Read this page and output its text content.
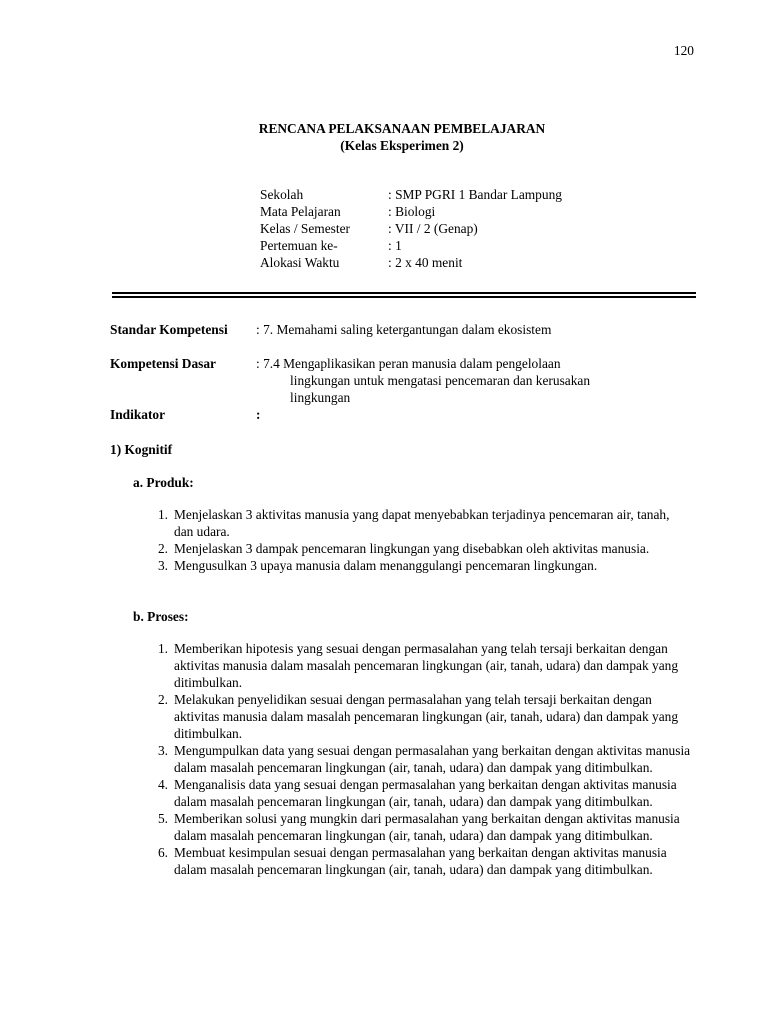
120
RENCANA PELAKSANAAN PEMBELAJARAN
(Kelas Eksperimen 2)
Sekolah	: SMP PGRI 1 Bandar Lampung
Mata Pelajaran	: Biologi
Kelas / Semester	: VII / 2 (Genap)
Pertemuan ke-	: 1
Alokasi Waktu	: 2 x 40 menit
Standar Kompetensi	: 7. Memahami saling ketergantungan dalam ekosistem
Kompetensi Dasar	: 7.4 Mengaplikasikan peran manusia dalam pengelolaan
lingkungan untuk mengatasi pencemaran dan kerusakan
lingkungan
Indikator	:
1) Kognitif
a. Produk:
1. Menjelaskan 3 aktivitas manusia yang dapat menyebabkan terjadinya pencemaran air, tanah, dan udara.
2. Menjelaskan 3 dampak pencemaran lingkungan yang disebabkan oleh aktivitas manusia.
3. Mengusulkan 3 upaya manusia dalam menanggulangi pencemaran lingkungan.
b. Proses:
1. Memberikan hipotesis yang sesuai dengan permasalahan yang telah tersaji berkaitan dengan aktivitas manusia dalam masalah pencemaran lingkungan (air, tanah, udara) dan dampak yang ditimbulkan.
2. Melakukan penyelidikan sesuai dengan permasalahan yang telah tersaji berkaitan dengan aktivitas manusia dalam masalah pencemaran lingkungan (air, tanah, udara) dan dampak yang ditimbulkan.
3. Mengumpulkan data yang sesuai dengan permasalahan yang berkaitan dengan aktivitas manusia dalam masalah pencemaran lingkungan (air, tanah, udara) dan dampak yang ditimbulkan.
4. Menganalisis data yang sesuai dengan permasalahan yang berkaitan dengan aktivitas manusia dalam masalah pencemaran lingkungan (air, tanah, udara) dan dampak yang ditimbulkan.
5. Memberikan solusi yang mungkin dari permasalahan yang berkaitan dengan aktivitas manusia dalam masalah pencemaran lingkungan (air, tanah, udara) dan dampak yang ditimbulkan.
6. Membuat kesimpulan sesuai dengan permasalahan yang berkaitan dengan aktivitas manusia dalam masalah pencemaran lingkungan (air, tanah, udara) dan dampak yang ditimbulkan.
